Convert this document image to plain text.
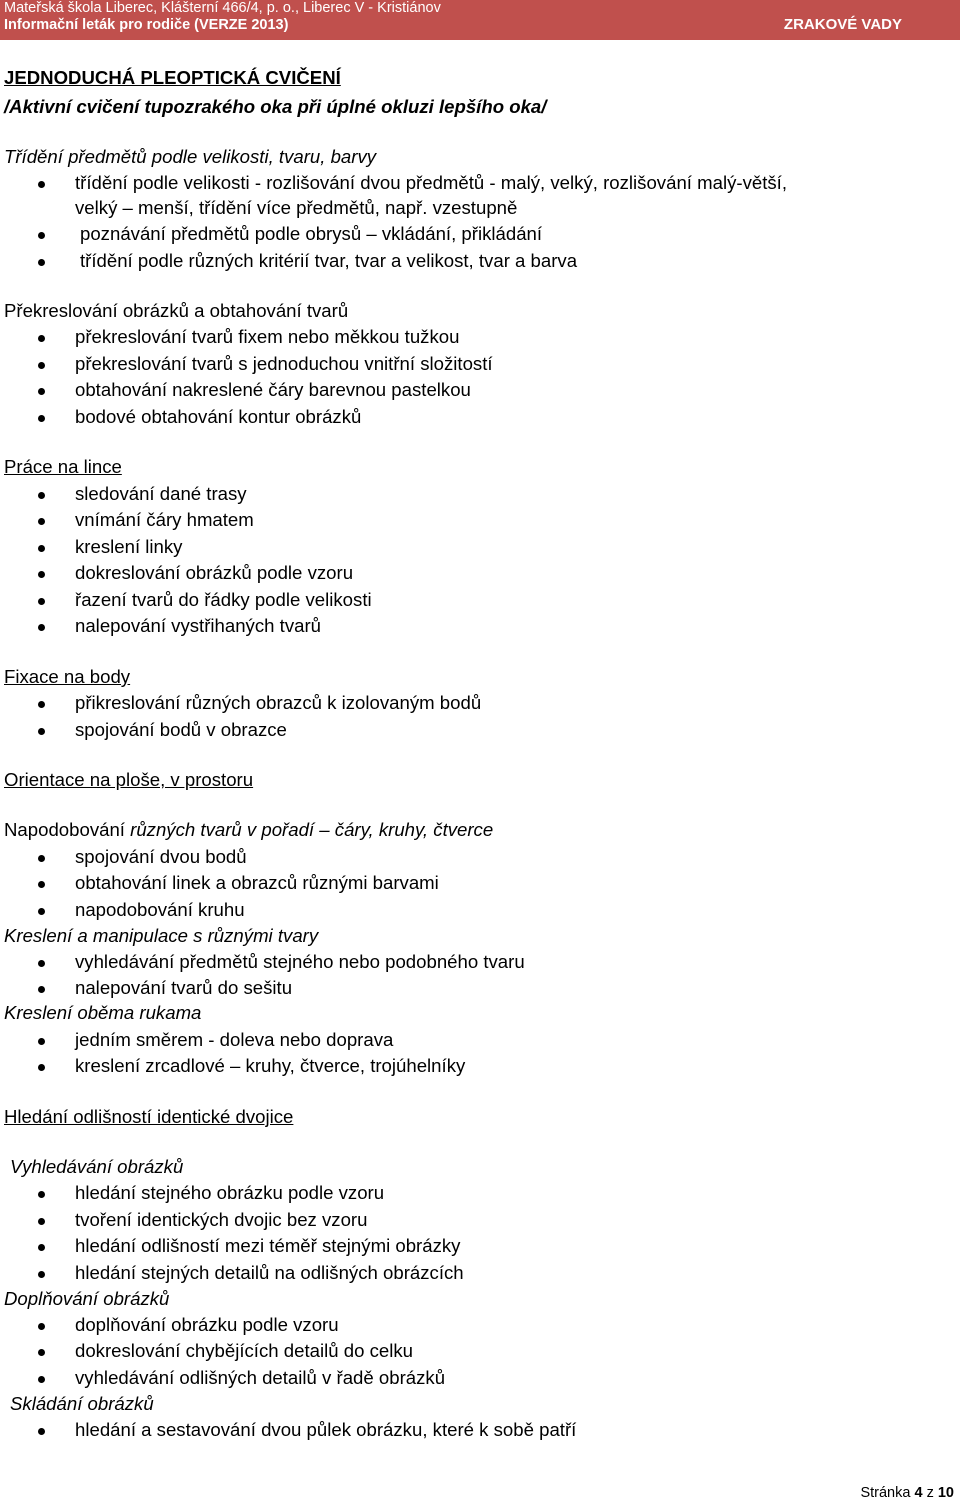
Mateřská škola Liberec, Klášterní 466/4, p. o., Liberec V - Kristiánov
Informační leták pro rodiče (VERZE 2013)	ZRAKOVÉ VADY
JEDNODUCHÁ PLEOPTICKÁ CVIČENÍ
/Aktivní cvičení tupozrakého oka při úplné okluzi lepšího oka/
Třídění předmětů podle velikosti, tvaru, barvy
třídění podle velikosti - rozlišování dvou předmětů - malý, velký, rozlišování malý-větší,
velký – menší, třídění více předmětů, např. vzestupně
poznávání předmětů podle obrysů – vkládání, přikládání
třídění podle různých kritérií tvar, tvar a velikost, tvar a barva
Překreslování obrázků a obtahování tvarů
překreslování tvarů fixem nebo měkkou tužkou
překreslování tvarů s jednoduchou vnitřní složitostí
obtahování nakreslené čáry barevnou pastelkou
bodové obtahování kontur obrázků
Práce na lince
sledování dané trasy
vnímání čáry hmatem
kreslení linky
dokreslování obrázků podle vzoru
řazení tvarů do řádky podle velikosti
nalepování vystřihaných tvarů
Fixace na body
přikreslování různých obrazců k izolovaným bodů
spojování bodů v obrazce
Orientace na ploše, v prostoru
Napodobování různých tvarů v pořadí – čáry, kruhy, čtverce
spojování dvou bodů
obtahování linek a obrazců různými barvami
napodobování kruhu
Kreslení a manipulace s různými tvary
vyhledávání předmětů stejného nebo podobného tvaru
nalepování tvarů do sešitu
Kreslení oběma rukama
jedním směrem - doleva nebo doprava
kreslení zrcadlové – kruhy, čtverce, trojúhelníky
Hledání odlišností identické dvojice
Vyhledávání obrázků
hledání stejného obrázku podle vzoru
tvoření identických dvojic bez vzoru
hledání odlišností mezi téměř stejnými obrázky
hledání stejných detailů na odlišných obrázcích
Doplňování obrázků
doplňování obrázku podle vzoru
dokreslování chybějících detailů do celku
vyhledávání odlišných detailů v řadě obrázků
Skládání obrázků
hledání a sestavování dvou půlek obrázku, které k sobě patří
Stránka 4 z 10
